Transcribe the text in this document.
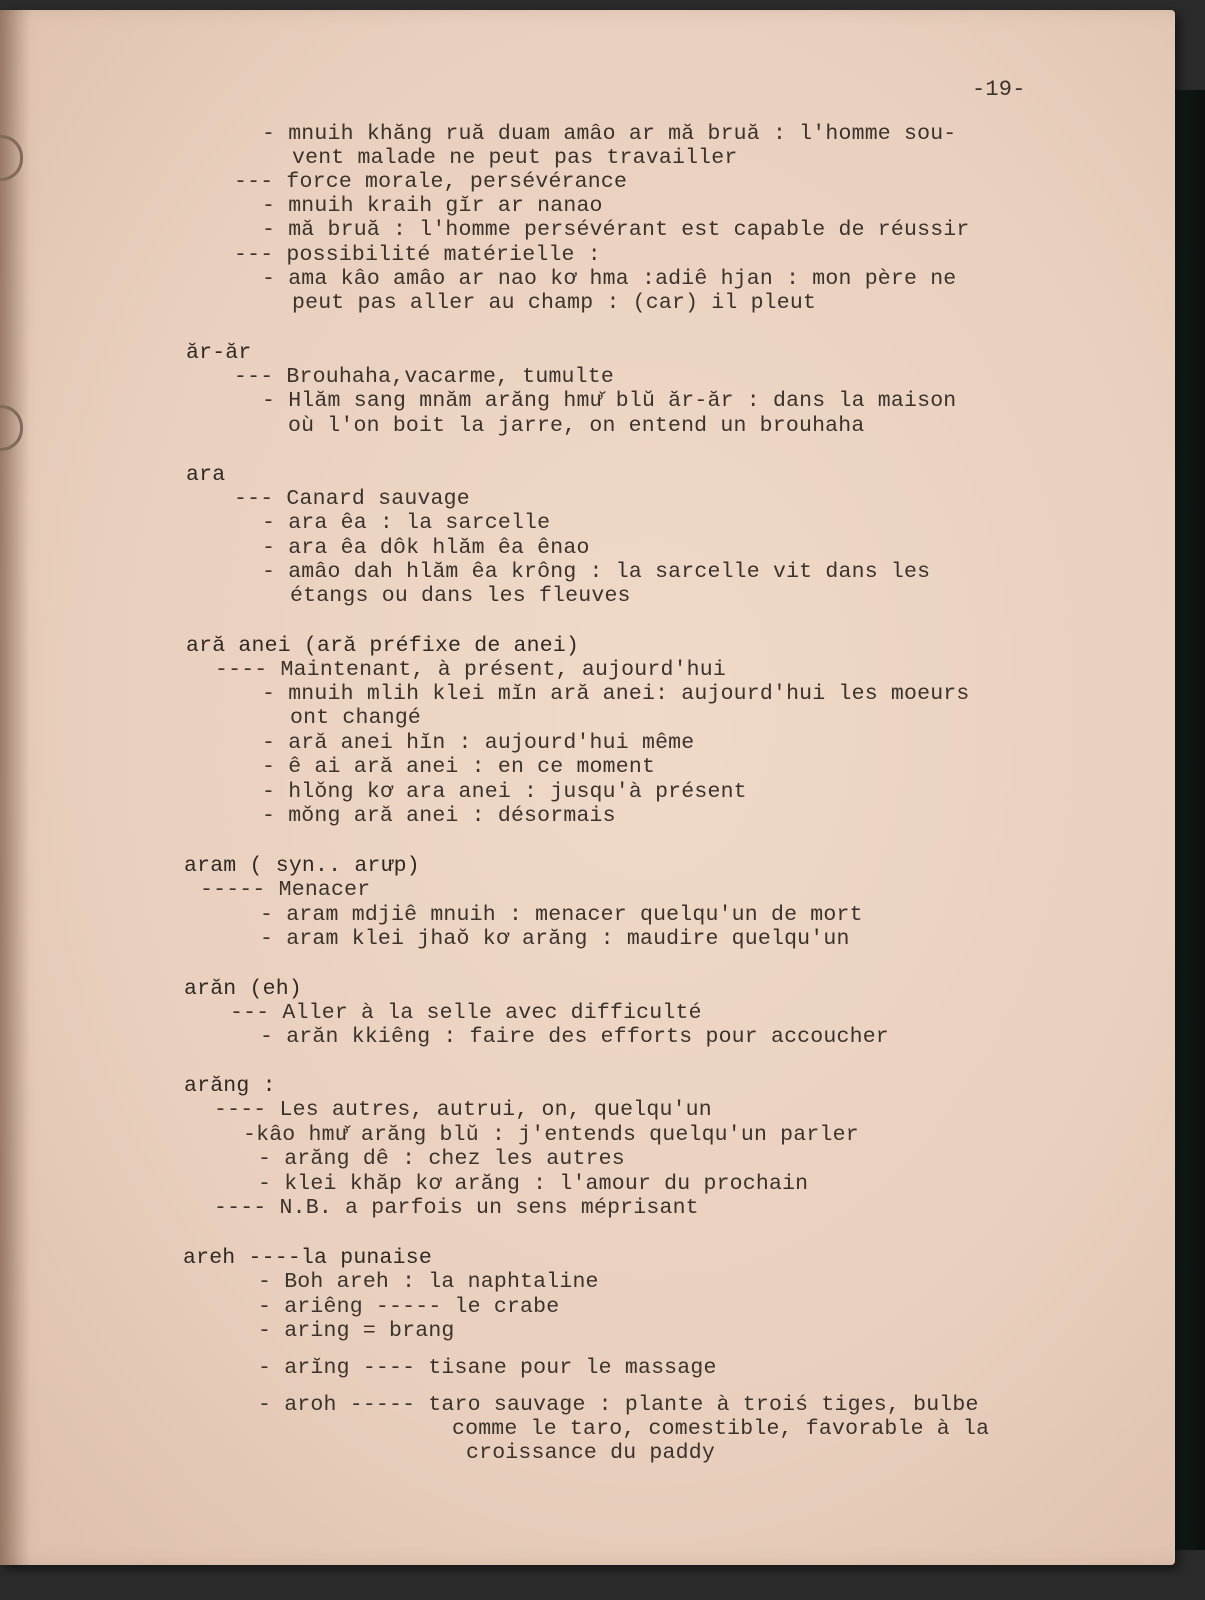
-19-
- mnuih khăng ruă duam amâo ar mă bruă : l'homme sou-
vent malade ne peut pas travailler
--- force morale, persévérance
- mnuih kraih gĭr ar nanao
- mă bruă : l'homme persévérant est capable de réussir
--- possibilité matérielle :
- ama kâo amâo ar nao kơ hma :adiê hjan : mon père ne
peut pas aller au champ : (car) il pleut
ăr-ăr
--- Brouhaha,vacarme, tumulte
- Hlăm sang mnăm arăng hmư̆ blŭ ăr-ăr : dans la maison
où l'on boit la jarre, on entend un brouhaha
ara
--- Canard sauvage
- ara êa : la sarcelle
- ara êa dôk hlăm êa ênao
- amâo dah hlăm êa krông : la sarcelle vit dans les
étangs ou dans les fleuves
ară anei (ară préfixe de anei)
---- Maintenant, à présent, aujourd'hui
- mnuih mlih klei mĭn ară anei: aujourd'hui les moeurs
ont changé
- ară anei hĭn : aujourd'hui même
- ê ai ară anei : en ce moment
- hlŏng kơ ara anei : jusqu'à présent
- mŏng ară anei : désormais
aram ( syn.. arưp)
----- Menacer
- aram mdjiê mnuih : menacer quelqu'un de mort
- aram klei jhaŏ kơ arăng : maudire quelqu'un
arăn (eh)
--- Aller à la selle avec difficulté
- arăn kkiêng : faire des efforts pour accoucher
arăng :
---- Les autres, autrui, on, quelqu'un
-kâo hmư̆ arăng blŭ : j'entends quelqu'un parler
- arăng dê : chez les autres
- klei khăp kơ arăng : l'amour du prochain
---- N.B. a parfois un sens méprisant
areh ----la punaise
- Boh areh : la naphtaline
- ariêng ----- le crabe
- aring = brang
- arĭng ---- tisane pour le massage
- aroh ----- taro sauvage : plante à troiś tiges, bulbe
comme le taro, comestible, favorable à la
croissance du paddy
